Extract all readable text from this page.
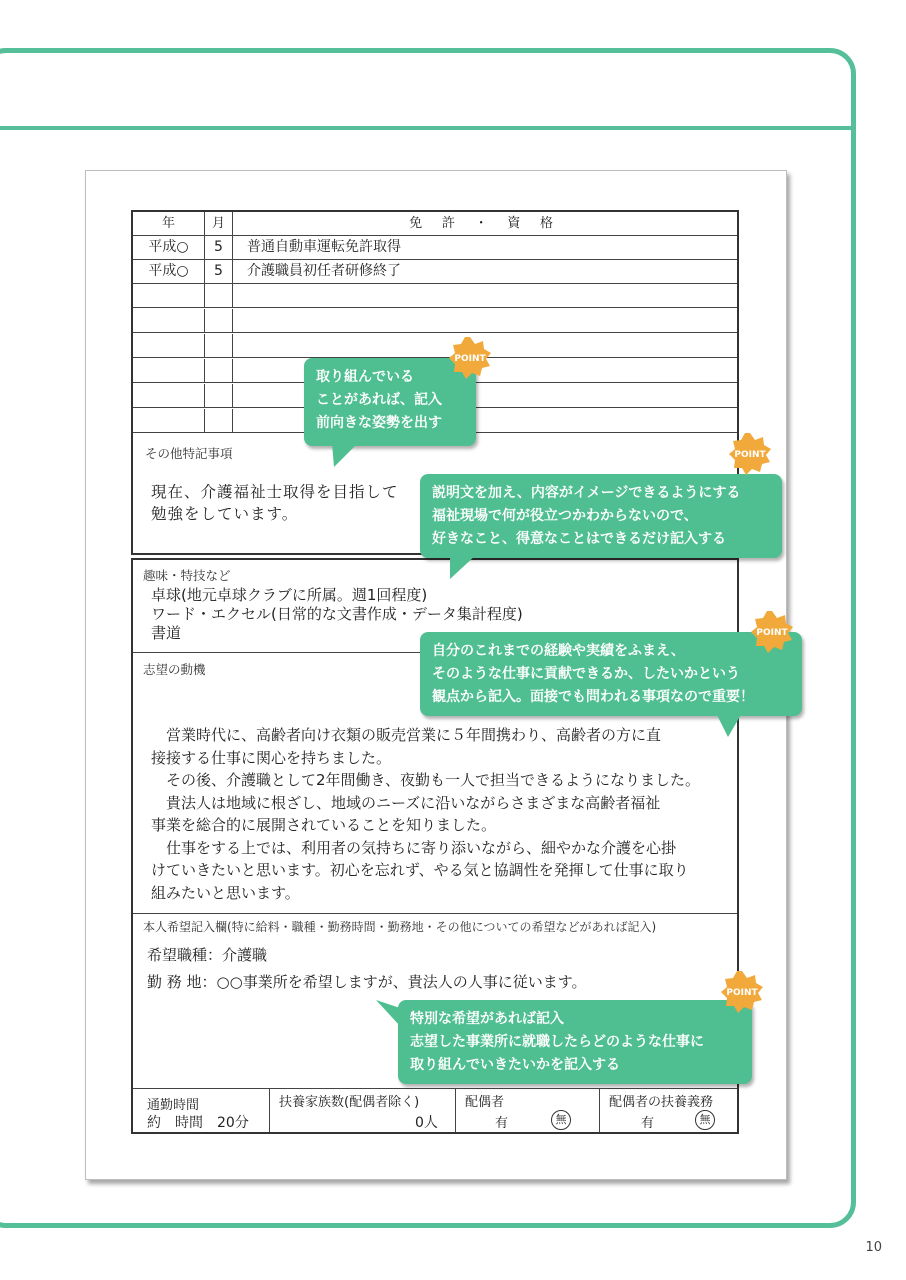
年	月	免 許 ・ 資 格
平成○	5	普通自動車運転免許取得
平成○	5	介護職員初任者研修終了
その他特記事項
現在、介護福祉士取得を目指して
勉強をしています。
趣味・特技など
卓球(地元卓球クラブに所属。週1回程度)
ワード・エクセル(日常的な文書作成・データ集計程度)
書道
志望の動機
　営業時代に、高齢者向け衣類の販売営業に５年間携わり、高齢者の方に直
接接する仕事に関心を持ちました。
　その後、介護職として2年間働き、夜勤も一人で担当できるようになりました。
　貴法人は地域に根ざし、地域のニーズに沿いながらさまざまな高齢者福祉
事業を総合的に展開されていることを知りました。
　仕事をする上では、利用者の気持ちに寄り添いながら、細やかな介護を心掛
けていきたいと思います。初心を忘れず、やる気と協調性を発揮して仕事に取り
組みたいと思います。
本人希望記入欄(特に給料・職種・勤務時間・勤務地・その他についての希望などがあれば記入)
希望職種：介護職
勤 務 地：○○事業所を希望しますが、貴法人の人事に従います。
通勤時間
約　時間　20分
扶養家族数(配偶者除く)
0人
配偶者
有	無
配偶者の扶養義務
有	無
取り組んでいる
ことがあれば、記入
前向きな姿勢を出す
POINT
説明文を加え、内容がイメージできるようにする
福祉現場で何が役立つかわからないので、
好きなこと、得意なことはできるだけ記入する
POINT
自分のこれまでの経験や実績をふまえ、
そのような仕事に貢献できるか、したいかという
観点から記入。面接でも問われる事項なので重要！
POINT
特別な希望があれば記入
志望した事業所に就職したらどのような仕事に
取り組んでいきたいかを記入する
POINT
10
